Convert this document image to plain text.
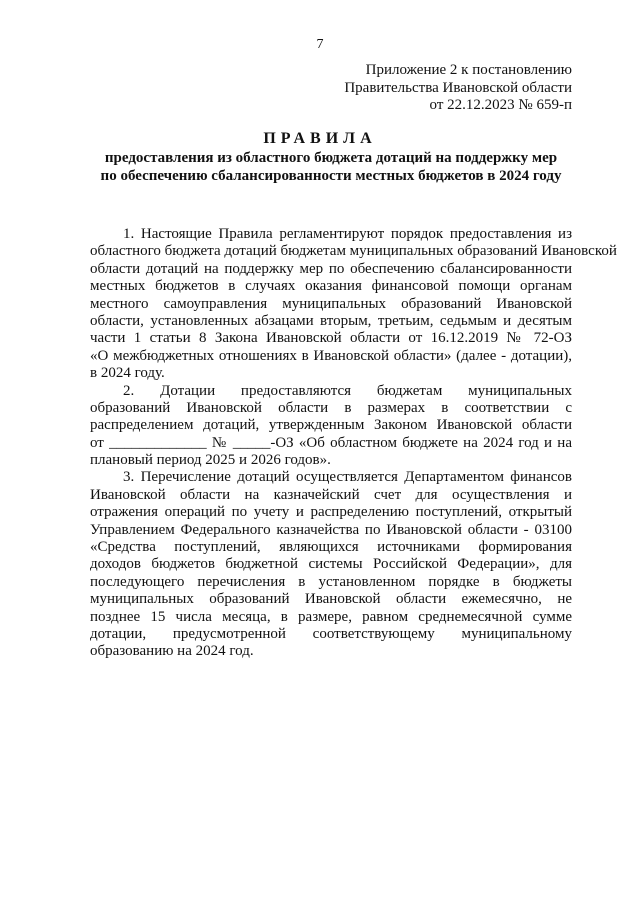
7
Приложение 2 к постановлению
Правительства Ивановской области
от 22.12.2023 № 659-п
ПРАВИЛА
предоставления из областного бюджета дотаций на поддержку мер
по обеспечению сбалансированности местных бюджетов в 2024 году
1. Настоящие Правила регламентируют порядок предоставления из
областного бюджета дотаций бюджетам муниципальных образований Ивановской
области дотаций на поддержку мер по обеспечению сбалансированности
местных бюджетов в случаях оказания финансовой помощи органам
местного самоуправления муниципальных образований Ивановской
области, установленных абзацами вторым, третьим, седьмым и десятым
части 1 статьи 8 Закона Ивановской области от 16.12.2019 № 72-ОЗ
«О межбюджетных отношениях в Ивановской области» (далее - дотации),
в 2024 году.
2. Дотации предоставляются бюджетам муниципальных
образований Ивановской области в размерах в соответствии с
распределением дотаций, утвержденным Законом Ивановской области
от _____________ № _____-ОЗ «Об областном бюджете на 2024 год и на
плановый период 2025 и 2026 годов».
3. Перечисление дотаций осуществляется Департаментом финансов
Ивановской области на казначейский счет для осуществления и
отражения операций по учету и распределению поступлений, открытый
Управлением Федерального казначейства по Ивановской области - 03100
«Средства поступлений, являющихся источниками формирования
доходов бюджетов бюджетной системы Российской Федерации», для
последующего перечисления в установленном порядке в бюджеты
муниципальных образований Ивановской области ежемесячно, не
позднее 15 числа месяца, в размере, равном среднемесячной сумме
дотации, предусмотренной соответствующему муниципальному
образованию на 2024 год.
